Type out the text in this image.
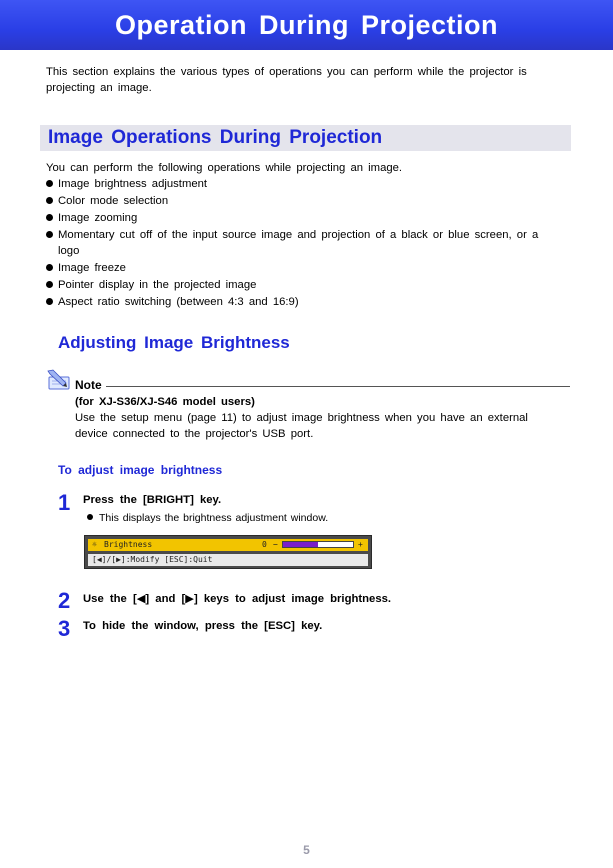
Operation During Projection

This section explains the various types of operations you can perform while the projector is projecting an image.

Image Operations During Projection

You can perform the following operations while projecting an image.

Image brightness adjustment
Color mode selection
Image zooming
Momentary cut off of the input source image and projection of a black or blue screen, or a logo
Image freeze
Pointer display in the projected image
Aspect ratio switching (between 4:3 and 16:9)
Adjusting Image Brightness
Note
(for XJ-S36/XJ-S46 model users)
Use the setup menu (page 11) to adjust image brightness when you have an external device connected to the projector's USB port.
To adjust image brightness
1 Press the [BRIGHT] key.
This displays the brightness adjustment window.
☼ Brightness	0 −	+
[◀]/[▶]:Modify [ESC]:Quit
2 Use the [◀] and [▶] keys to adjust image brightness.
3 To hide the window, press the [ESC] key.
5
